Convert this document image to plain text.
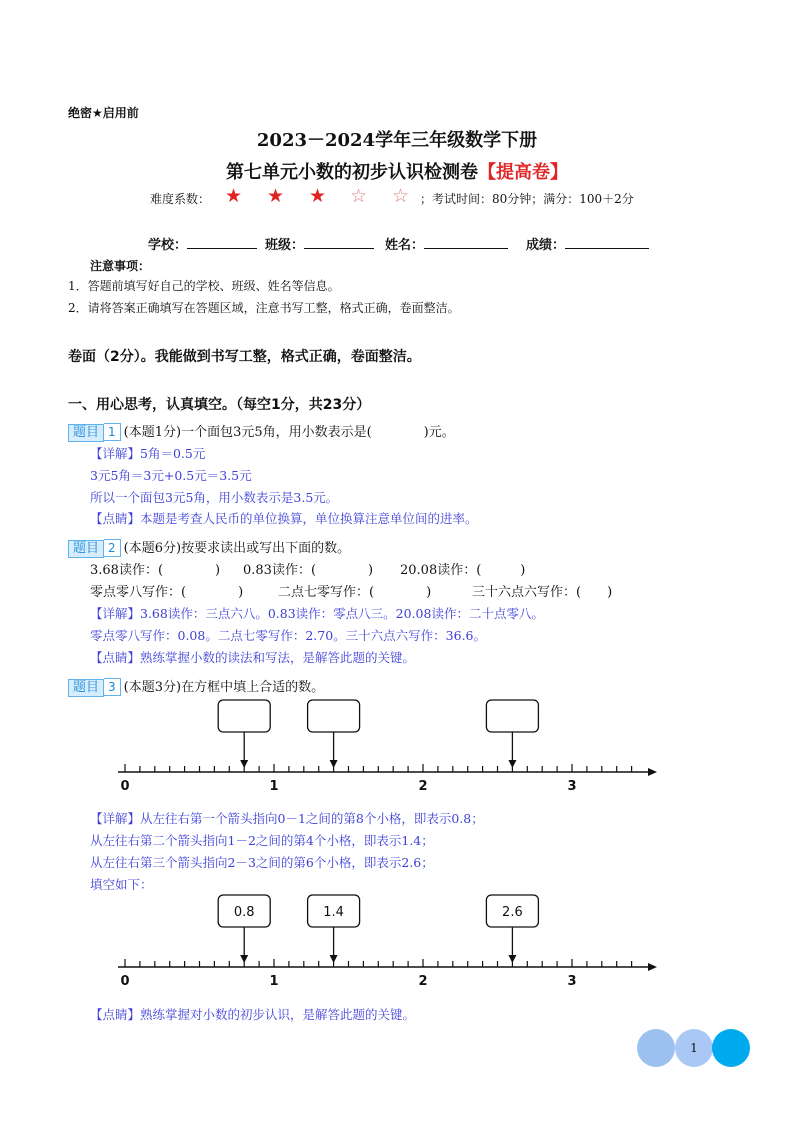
绝密★启用前
2023－2024学年三年级数学下册
第七单元小数的初步认识检测卷【提高卷】
难度系数： ★ ★ ★ ☆ ☆ ；考试时间：80分钟；满分：100＋2分
学校：	班级：	姓名：	成绩：
注意事项：
1．答题前填写好自己的学校、班级、姓名等信息。
2．请将答案正确填写在答题区域，注意书写工整，格式正确，卷面整洁。
卷面（2分）。我能做到书写工整，格式正确，卷面整洁。
一、用心思考，认真填空。（每空1分，共23分）
题目 1 (本题1分)一个面包3元5角，用小数表示是(　　　　)元。
【详解】5角＝0.5元
3元5角＝3元+0.5元＝3.5元
所以一个面包3元5角，用小数表示是3.5元。
【点睛】本题是考查人民币的单位换算，单位换算注意单位间的进率。
题目 2 (本题6分)按要求读出或写出下面的数。
3.68读作：(　　　　) 0.83读作：(　　　　) 20.08读作：(　　　)
零点零八写作：(　　　　)	二点七零写作：(　　　　)	三十六点六写作：(　　)
【详解】3.68读作：三点六八。0.83读作：零点八三。20.08读作：二十点零八。
零点零八写作：0.08。二点七零写作：2.70。三十六点六写作：36.6。
【点睛】熟练掌握小数的读法和写法，是解答此题的关键。
题目 3 (本题3分)在方框中填上合适的数。
0	1	2	3
【详解】从左往右第一个箭头指向0－1之间的第8个小格，即表示0.8；
从左往右第二个箭头指向1－2之间的第4个小格，即表示1.4；
从左往右第三个箭头指向2－3之间的第6个小格，即表示2.6；
填空如下：
0	1	2	3
0.8	1.4	2.6
【点睛】熟练掌握对小数的初步认识，是解答此题的关键。
1
